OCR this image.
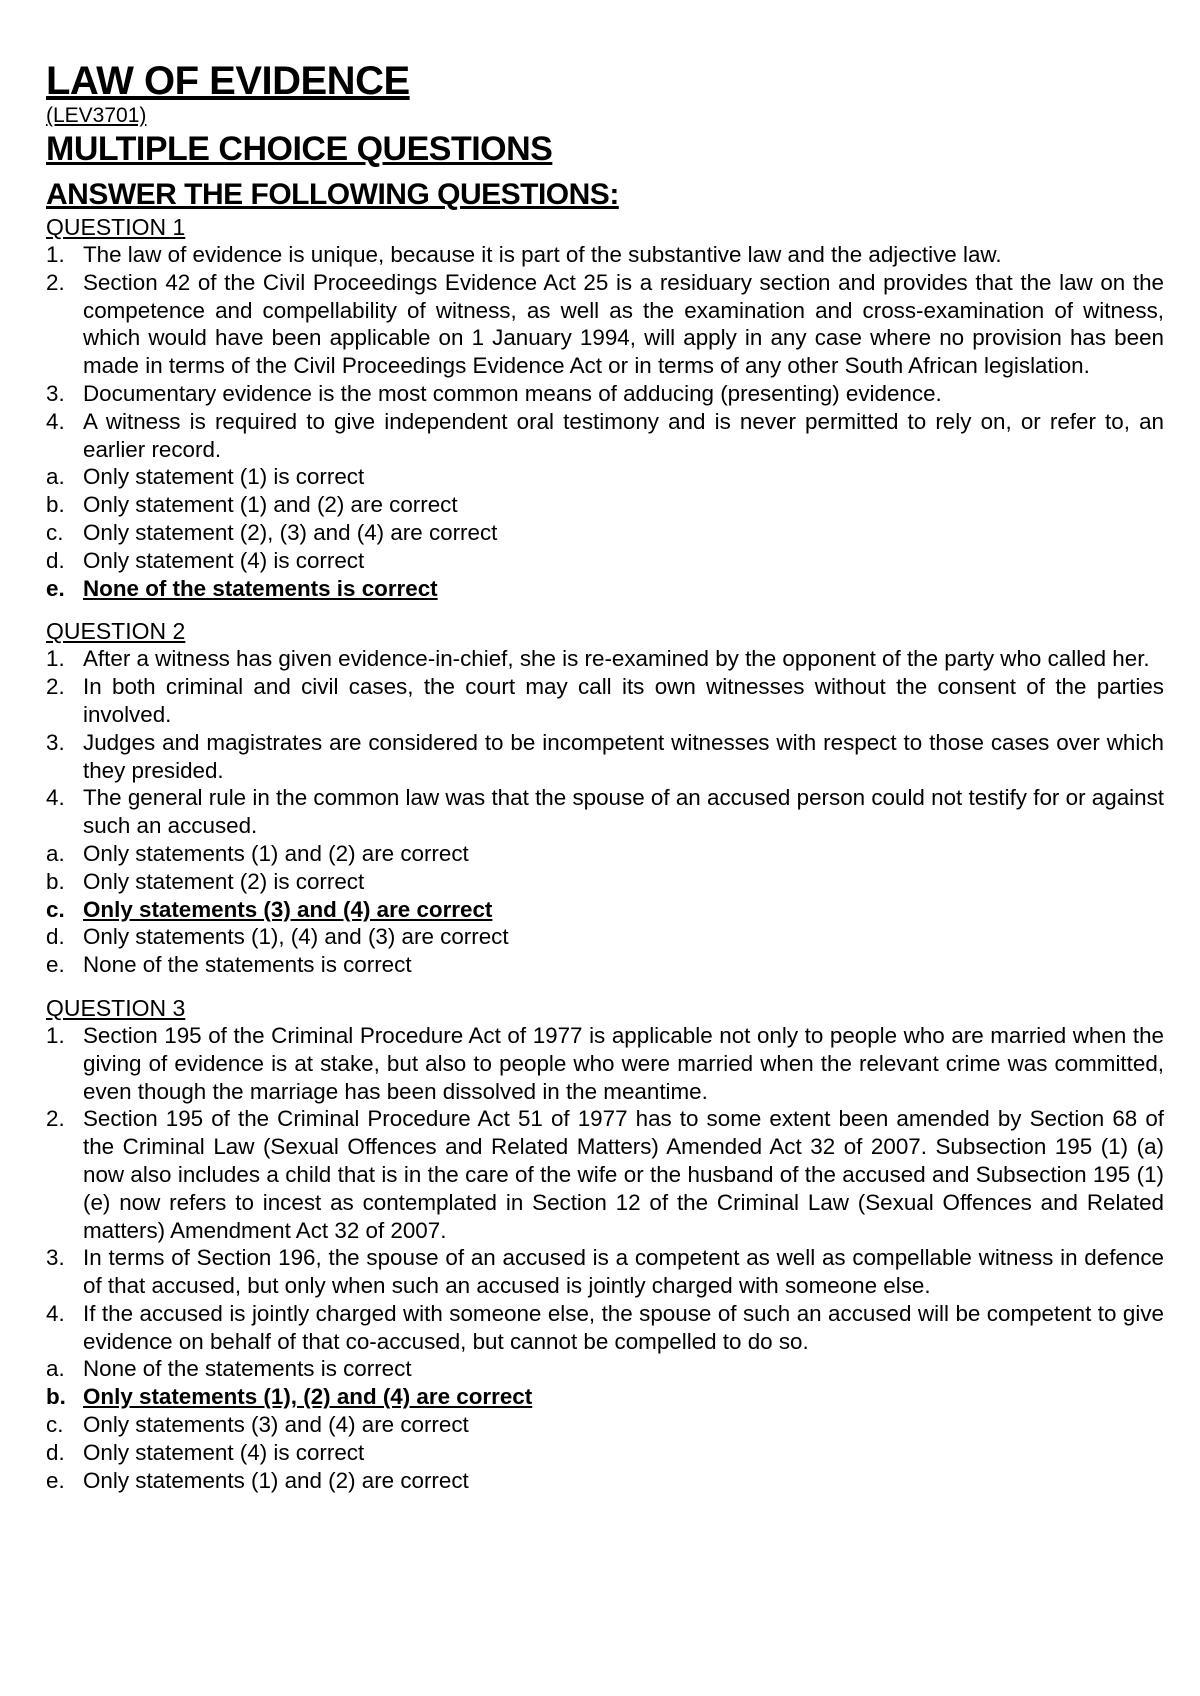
LAW OF EVIDENCE
(LEV3701)
MULTIPLE CHOICE QUESTIONS
ANSWER THE FOLLOWING QUESTIONS:
QUESTION 1
1. The law of evidence is unique, because it is part of the substantive law and the adjective law.
2. Section 42 of the Civil Proceedings Evidence Act 25 is a residuary section and provides that the law on the competence and compellability of witness, as well as the examination and cross-examination of witness, which would have been applicable on 1 January 1994, will apply in any case where no provision has been made in terms of the Civil Proceedings Evidence Act or in terms of any other South African legislation.
3. Documentary evidence is the most common means of adducing (presenting) evidence.
4. A witness is required to give independent oral testimony and is never permitted to rely on, or refer to, an earlier record.
a. Only statement (1) is correct
b. Only statement (1) and (2) are correct
c. Only statement (2), (3) and (4) are correct
d. Only statement (4) is correct
e. None of the statements is correct
QUESTION 2
1. After a witness has given evidence-in-chief, she is re-examined by the opponent of the party who called her.
2. In both criminal and civil cases, the court may call its own witnesses without the consent of the parties involved.
3. Judges and magistrates are considered to be incompetent witnesses with respect to those cases over which they presided.
4. The general rule in the common law was that the spouse of an accused person could not testify for or against such an accused.
a. Only statements (1) and (2) are correct
b. Only statement (2) is correct
c. Only statements (3) and (4) are correct
d. Only statements (1), (4) and (3) are correct
e. None of the statements is correct
QUESTION 3
1. Section 195 of the Criminal Procedure Act of 1977 is applicable not only to people who are married when the giving of evidence is at stake, but also to people who were married when the relevant crime was committed, even though the marriage has been dissolved in the meantime.
2. Section 195 of the Criminal Procedure Act 51 of 1977 has to some extent been amended by Section 68 of the Criminal Law (Sexual Offences and Related Matters) Amended Act 32 of 2007. Subsection 195 (1) (a) now also includes a child that is in the care of the wife or the husband of the accused and Subsection 195 (1) (e) now refers to incest as contemplated in Section 12 of the Criminal Law (Sexual Offences and Related matters) Amendment Act 32 of 2007.
3. In terms of Section 196, the spouse of an accused is a competent as well as compellable witness in defence of that accused, but only when such an accused is jointly charged with someone else.
4. If the accused is jointly charged with someone else, the spouse of such an accused will be competent to give evidence on behalf of that co-accused, but cannot be compelled to do so.
a. None of the statements is correct
b. Only statements (1), (2) and (4) are correct
c. Only statements (3) and (4) are correct
d. Only statement (4) is correct
e. Only statements (1) and (2) are correct
